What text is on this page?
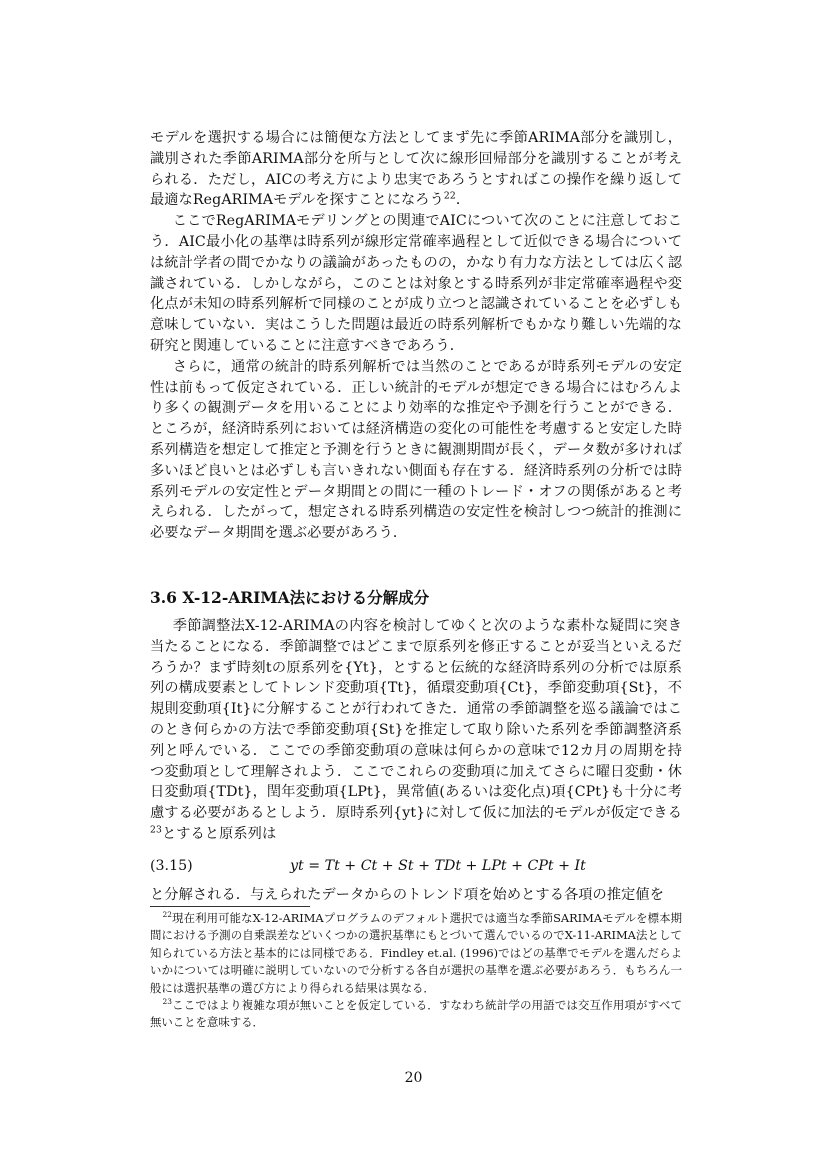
モデルを選択する場合には簡便な方法としてまず先に季節ARIMA部分を識別し，識別された季節ARIMA部分を所与として次に線形回帰部分を識別することが考えられる．ただし，AICの考え方により忠実であろうとすればこの操作を繰り返して最適なRegARIMAモデルを探すことになろう$^{22}$．

ここでRegARIMAモデリングとの関連でAICについて次のことに注意しておこう．AIC最小化の基準は時系列が線形定常確率過程として近似できる場合については統計学者の間でかなりの議論があったものの，かなり有力な方法としては広く認識されている．しかしながら，このことは対象とする時系列が非定常確率過程や変化点が未知の時系列解析で同様のことが成り立つと認識されていることを必ずしも意味していない．実はこうした問題は最近の時系列解析でもかなり難しい先端的な研究と関連していることに注意すべきであろう．

さらに，通常の統計的時系列解析では当然のことであるが時系列モデルの安定性は前もって仮定されている．正しい統計的モデルが想定できる場合にはむろんより多くの観測データを用いることにより効率的な推定や予測を行うことができる．ところが，経済時系列においては経済構造の変化の可能性を考慮すると安定した時系列構造を想定して推定と予測を行うときに観測期間が長く，データ数が多ければ多いほど良いとは必ずしも言いきれない側面も存在する．経済時系列の分析では時系列モデルの安定性とデータ期間との間に一種のトレード・オフの関係があると考えられる．したがって，想定される時系列構造の安定性を検討しつつ統計的推測に必要なデータ期間を選ぶ必要があろう．

3.6 X-12-ARIMA法における分解成分

季節調整法X-12-ARIMAの内容を検討してゆくと次のような素朴な疑問に突き当たることになる．季節調整ではどこまで原系列を修正することが妥当といえるだろうか？まず時刻tの原系列を{Yt}，とすると伝統的な経済時系列の分析では原系列の構成要素としてトレンド変動項{Tt}，循環変動項{Ct}，季節変動項{St}，不規則変動項{It}に分解することが行われてきた．通常の季節調整を巡る議論ではこのとき何らかの方法で季節変動項{St}を推定して取り除いた系列を季節調整済系列と呼んでいる．ここでの季節変動項の意味は何らかの意味で12カ月の周期を持つ変動項として理解されよう．ここでこれらの変動項に加えてさらに曜日変動・休日変動項{TDt}，閏年変動項{LPt}，異常値(あるいは変化点)項{CPt}も十分に考慮する必要があるとしよう．原時系列{yt}に対して仮に加法的モデルが仮定できる$^{23}$とすると原系列は

(3.15)	yt = Tt + Ct + St + TDt + LPt + CPt + It

と分解される．与えられたデータからのトレンド項を始めとする各項の推定値を

$^{22}$現在利用可能なX-12-ARIMAプログラムのデフォルト選択では適当な季節SARIMAモデルを標本期間における予測の自乗誤差などいくつかの選択基準にもとづいて選んでいるのでX-11-ARIMA法として知られている方法と基本的には同様である．Findley et.al. (1996)ではどの基準でモデルを選んだらよいかについては明確に説明していないので分析する各自が選択の基準を選ぶ必要があろう．もちろん一般には選択基準の選び方により得られる結果は異なる．

$^{23}$ここではより複雑な項が無いことを仮定している．すなわち統計学の用語では交互作用項がすべて無いことを意味する．

20
